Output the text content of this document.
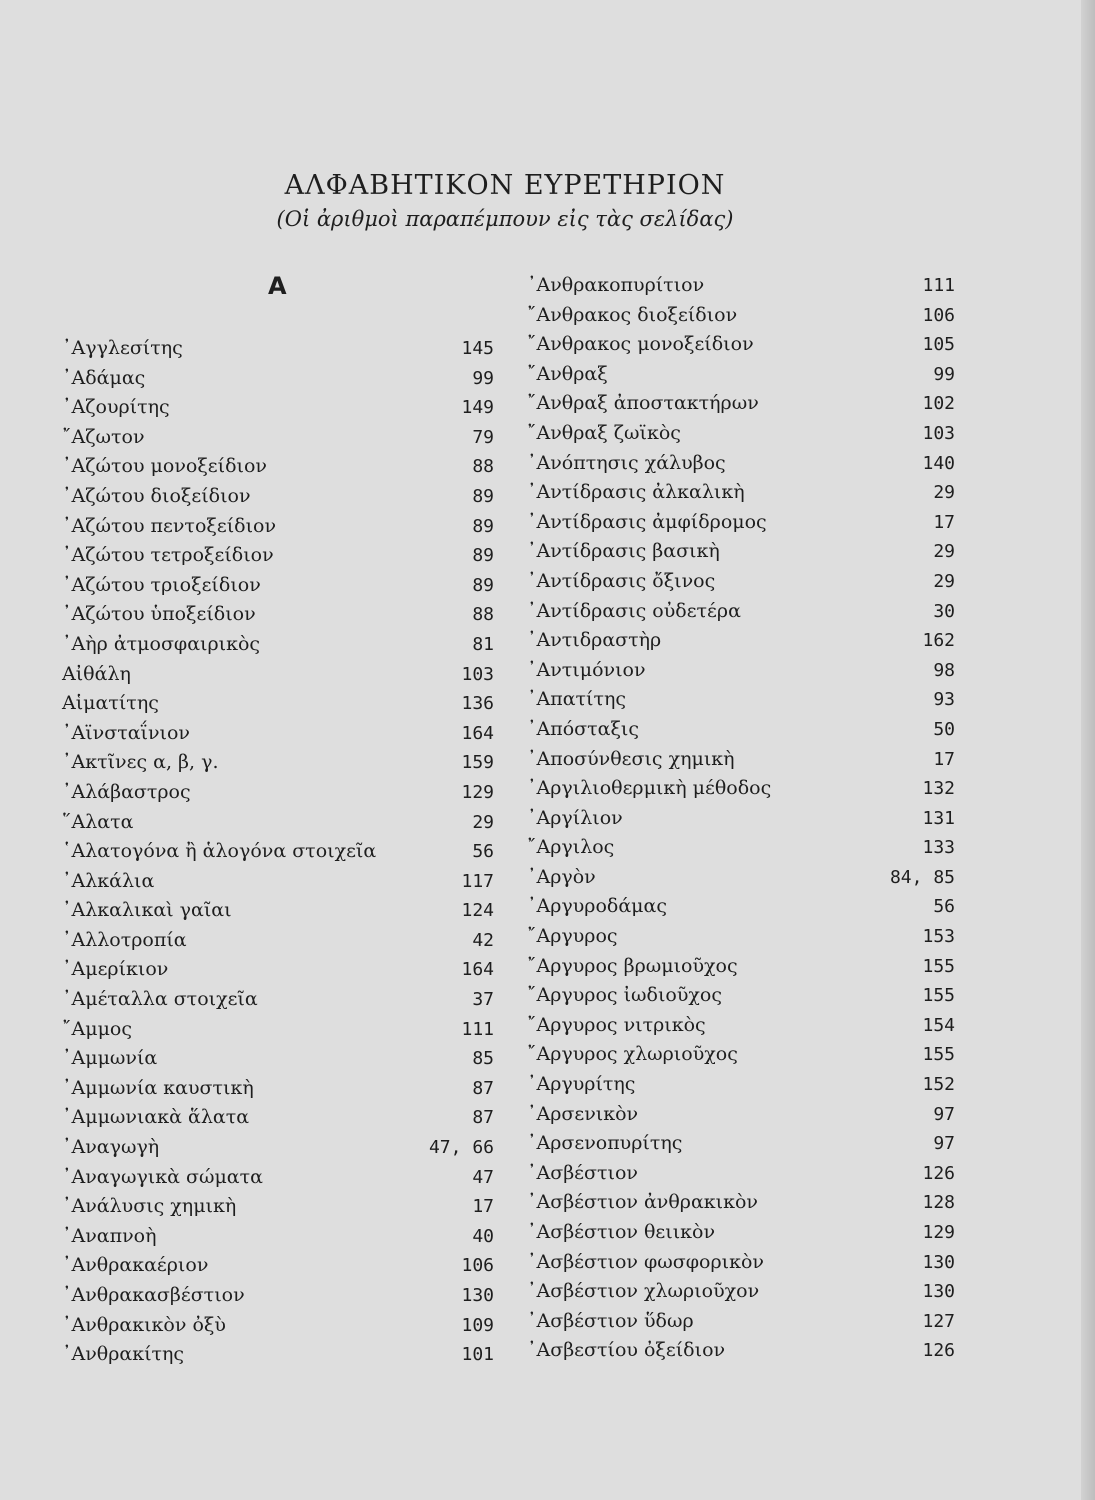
ΑΛΦΑΒΗΤΙΚΟΝ ΕΥΡΕΤΗΡΙΟΝ
(Οἱ ἀριθμοὶ παραπέμπουν εἰς τὰς σελίδας)
Α
᾿Αγγλεσίτης	145
᾿Αδάμας	99
᾿Αζουρίτης	149
῎Αζωτον	79
᾿Αζώτου μονοξείδιον	88
᾿Αζώτου διοξείδιον	89
᾿Αζώτου πεντοξείδιον	89
᾿Αζώτου τετροξείδιον	89
᾿Αζώτου τριοξείδιον	89
᾿Αζώτου ὑποξείδιον	88
᾿Αὴρ ἀτμοσφαιρικὸς	81
Αἰθάλη	103
Αἱματίτης	136
᾿Αϊνσταΐνιον	164
᾿Ακτῖνες α, β, γ.	159
᾿Αλάβαστρος	129
῞Αλατα	29
῾Αλατογόνα ἢ ἁλογόνα στοιχεῖα	56
᾿Αλκάλια	117
᾿Αλκαλικαὶ γαῖαι	124
᾿Αλλοτροπία	42
᾿Αμερίκιον	164
᾿Αμέταλλα στοιχεῖα	37
῎Αμμος	111
᾿Αμμωνία	85
᾿Αμμωνία καυστικὴ	87
᾿Αμμωνιακὰ ἅλατα	87
᾿Αναγωγὴ	47, 66
᾿Αναγωγικὰ σώματα	47
᾿Ανάλυσις χημικὴ	17
᾿Αναπνοὴ	40
᾿Ανθρακαέριον	106
᾿Ανθρακασβέστιον	130
᾿Ανθρακικὸν ὀξὺ	109
᾿Ανθρακίτης	101
᾿Ανθρακοπυρίτιον	111
῎Ανθρακος διοξείδιον	106
῎Ανθρακος μονοξείδιον	105
῎Ανθραξ	99
῎Ανθραξ ἀποστακτήρων	102
῎Ανθραξ ζωϊκὸς	103
᾿Ανόπτησις χάλυβος	140
᾿Αντίδρασις ἀλκαλικὴ	29
᾿Αντίδρασις ἀμφίδρομος	17
᾿Αντίδρασις βασικὴ	29
᾿Αντίδρασις ὄξινος	29
᾿Αντίδρασις οὐδετέρα	30
᾿Αντιδραστὴρ	162
᾿Αντιμόνιον	98
᾿Απατίτης	93
᾿Απόσταξις	50
᾿Αποσύνθεσις χημικὴ	17
᾿Αργιλιοθερμικὴ μέθοδος	132
᾿Αργίλιον	131
῎Αργιλος	133
᾿Αργὸν	84, 85
᾿Αργυροδάμας	56
῎Αργυρος	153
῎Αργυρος βρωμιοῦχος	155
῎Αργυρος ἰωδιοῦχος	155
῎Αργυρος νιτρικὸς	154
῎Αργυρος χλωριοῦχος	155
᾿Αργυρίτης	152
᾿Αρσενικὸν	97
᾿Αρσενοπυρίτης	97
᾿Ασβέστιον	126
᾿Ασβέστιον ἀνθρακικὸν	128
᾿Ασβέστιον θειικὸν	129
᾿Ασβέστιον φωσφορικὸν	130
᾿Ασβέστιον χλωριοῦχον	130
᾿Ασβέστιον ὕδωρ	127
᾿Ασβεστίου ὀξείδιον	126
